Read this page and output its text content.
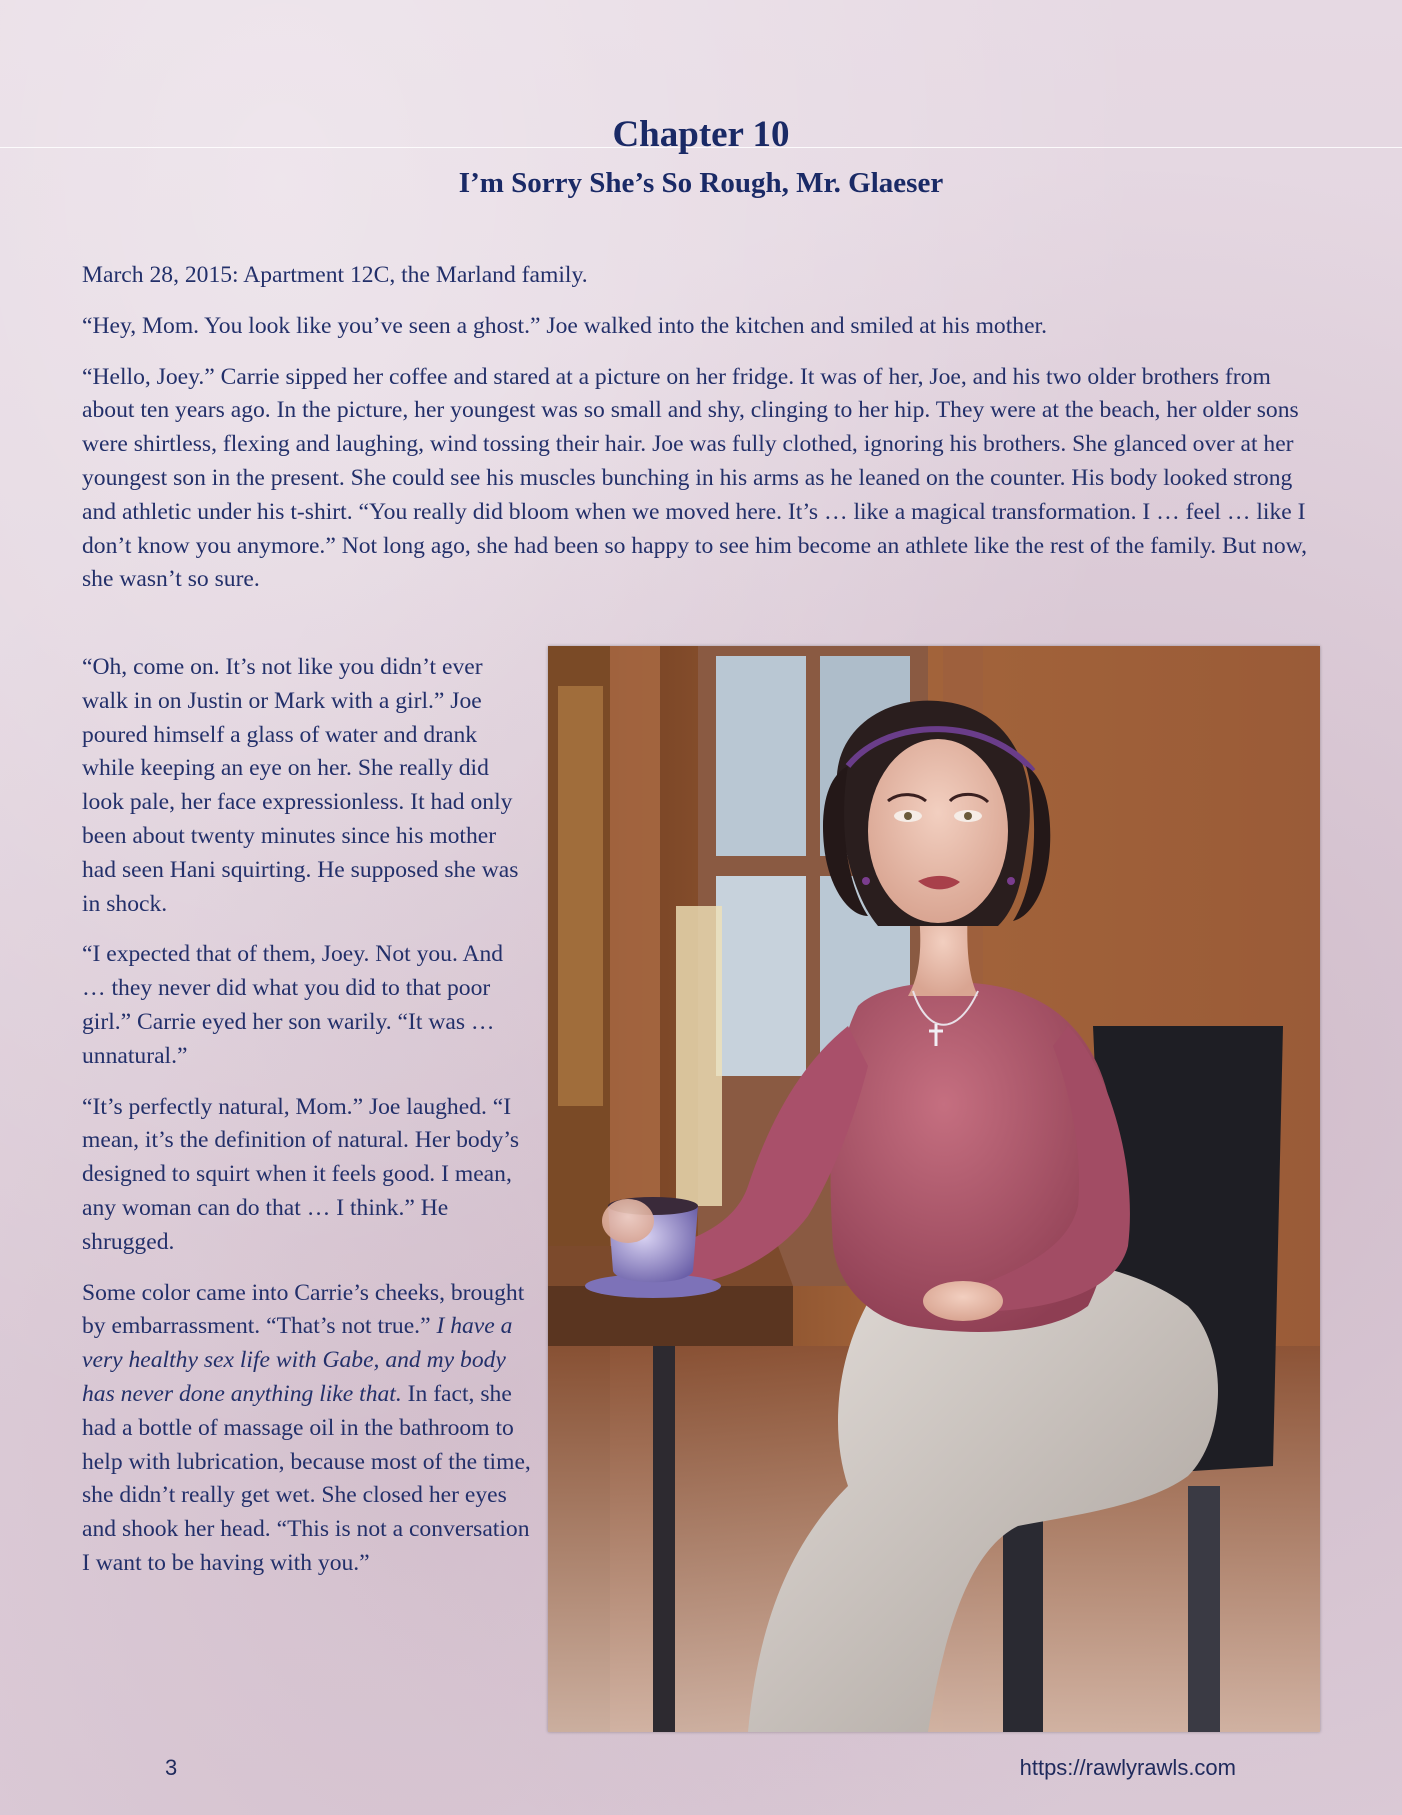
Chapter 10
I’m Sorry She’s So Rough, Mr. Glaeser

March 28, 2015: Apartment 12C, the Marland family.

“Hey, Mom. You look like you’ve seen a ghost.” Joe walked into the kitchen and smiled at his mother.

“Hello, Joey.” Carrie sipped her coffee and stared at a picture on her fridge. It was of her, Joe, and his two older brothers from about ten years ago. In the picture, her youngest was so small and shy, clinging to her hip. They were at the beach, her older sons were shirtless, flexing and laughing, wind tossing their hair. Joe was fully clothed, ignoring his brothers. She glanced over at her youngest son in the present. She could see his muscles bunching in his arms as he leaned on the counter. His body looked strong and athletic under his t-shirt. “You really did bloom when we moved here. It’s … like a magical transformation. I … feel … like I don’t know you anymore.” Not long ago, she had been so happy to see him become an athlete like the rest of the family. But now, she wasn’t so sure.

“Oh, come on. It’s not like you didn’t ever walk in on Justin or Mark with a girl.” Joe poured himself a glass of water and drank while keeping an eye on her. She really did look pale, her face expressionless. It had only been about twenty minutes since his mother had seen Hani squirting. He supposed she was in shock.

“I expected that of them, Joey. Not you. And … they never did what you did to that poor girl.” Carrie eyed her son warily. “It was … unnatural.”

“It’s perfectly natural, Mom.” Joe laughed. “I mean, it’s the definition of natural. Her body’s designed to squirt when it feels good. I mean, any woman can do that … I think.” He shrugged.

Some color came into Carrie’s cheeks, brought by embarrassment. “That’s not true.” I have a very healthy sex life with Gabe, and my body has never done anything like that. In fact, she had a bottle of massage oil in the bathroom to help with lubrication, because most of the time, she didn’t really get wet. She closed her eyes and shook her head. “This is not a conversation I want to be having with you.”

3	https://rawlyrawls.com
